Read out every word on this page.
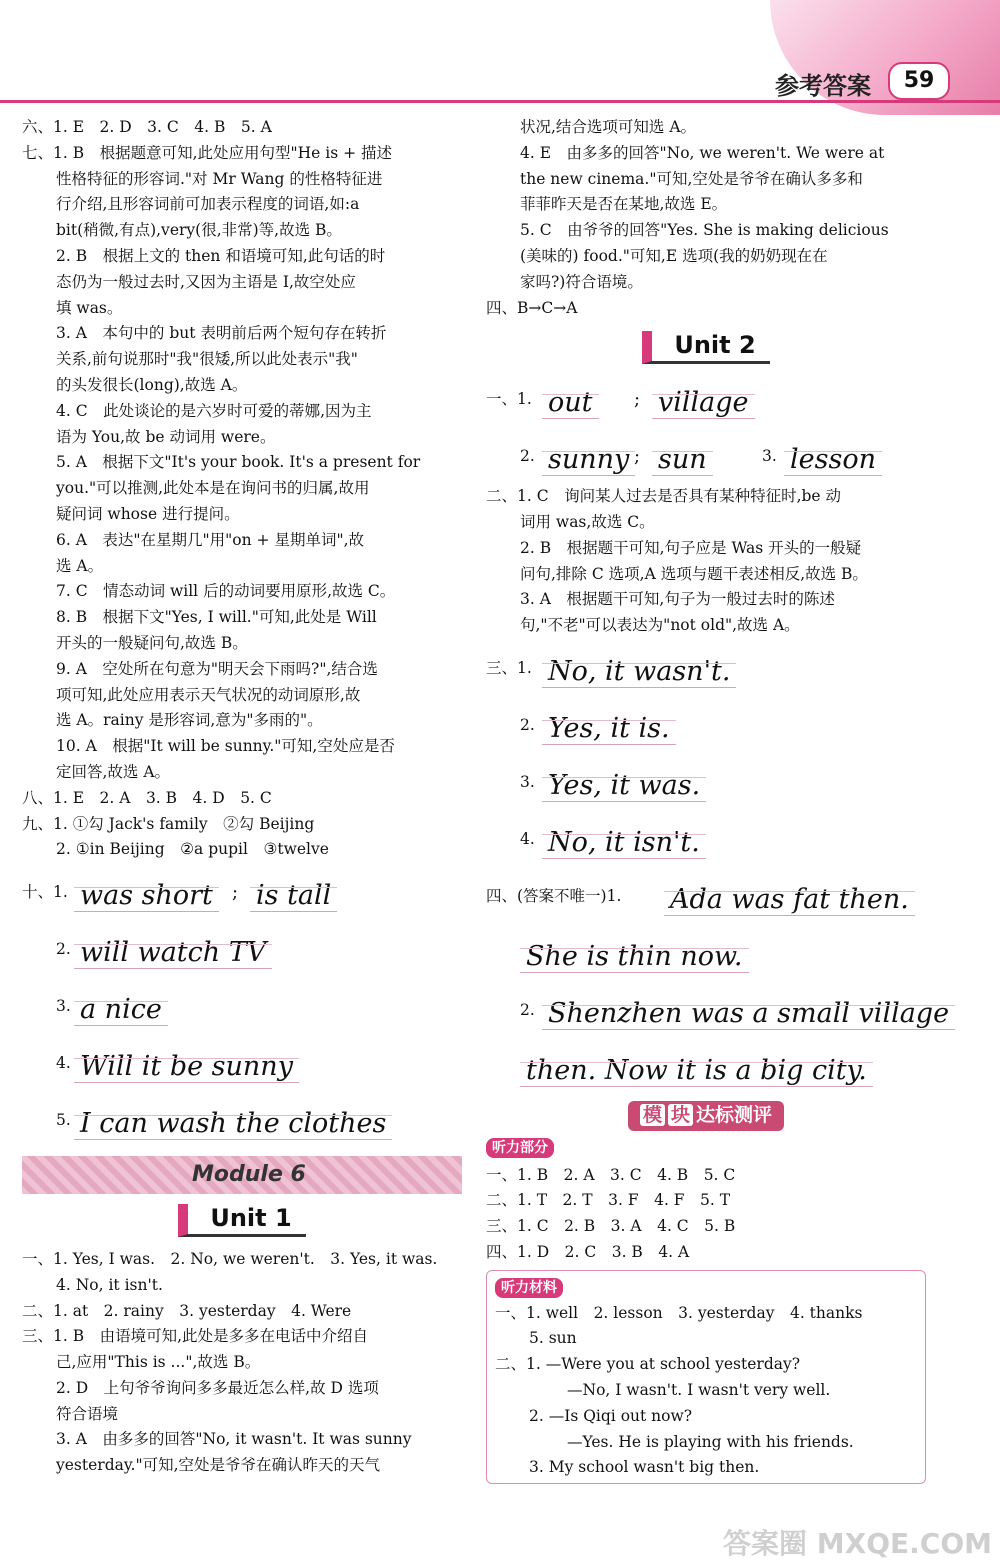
参考答案	59
六、1. E　2. D　3. C　4. B　5. A
七、1. B　根据题意可知,此处应用句型"He is + 描述
性格特征的形容词."对 Mr Wang 的性格特征进
行介绍,且形容词前可加表示程度的词语,如:a
bit(稍微,有点),very(很,非常)等,故选 B。
2. B　根据上文的 then 和语境可知,此句话的时
态仍为一般过去时,又因为主语是 I,故空处应
填 was。
3. A　本句中的 but 表明前后两个短句存在转折
关系,前句说那时"我"很矮,所以此处表示"我"
的头发很长(long),故选 A。
4. C　此处谈论的是六岁时可爱的蒂娜,因为主
语为 You,故 be 动词用 were。
5. A　根据下文"It's your book. It's a present for
you."可以推测,此处本是在询问书的归属,故用
疑问词 whose 进行提问。
6. A　表达"在星期几"用"on + 星期单词",故
选 A。
7. C　情态动词 will 后的动词要用原形,故选 C。
8. B　根据下文"Yes, I will."可知,此处是 Will
开头的一般疑问句,故选 B。
9. A　空处所在句意为"明天会下雨吗?",结合选
项可知,此处应用表示天气状况的动词原形,故
选 A。rainy 是形容词,意为"多雨的"。
10. A　根据"It will be sunny."可知,空处应是否
定回答,故选 A。
八、1. E　2. A　3. B　4. D　5. C
九、1. ①勾 Jack's family　②勾 Beijing
2. ①in Beijing　②a pupil　③twelve
十、1. was short	; is tall
2. will watch TV
3. a nice
4. Will it be sunny
5. I can wash the clothes
Module 6
Unit 1
一、1. Yes, I was.　2. No, we weren't.　3. Yes, it was.
4. No, it isn't.
二、1. at　2. rainy　3. yesterday　4. Were
三、1. B　由语境可知,此处是多多在电话中介绍自
己,应用"This is ...",故选 B。
2. D　上句爷爷询问多多最近怎么样,故 D 选项
符合语境
3. A　由多多的回答"No, it wasn't. It was sunny
yesterday."可知,空处是爷爷在确认昨天的天气
状况,结合选项可知选 A。
4. E　由多多的回答"No, we weren't. We were at
the new cinema."可知,空处是爷爷在确认多多和
菲菲昨天是否在某地,故选 E。
5. C　由爷爷的回答"Yes. She is making delicious
(美味的) food."可知,E 选项(我的奶奶现在在
家吗?)符合语境。
四、B→C→A
Unit 2
一、1. out	; village
2. sunny ; sun	3. lesson
二、1. C　询问某人过去是否具有某种特征时,be 动
词用 was,故选 C。
2. B　根据题干可知,句子应是 Was 开头的一般疑
问句,排除 C 选项,A 选项与题干表述相反,故选 B。
3. A　根据题干可知,句子为一般过去时的陈述
句,"不老"可以表达为"not old",故选 A。
三、1. No, it wasn't.
2. Yes, it is.
3. Yes, it was.
4. No, it isn't.
四、(答案不唯一)1. Ada was fat then.
She is thin now.
2. Shenzhen was a small village
then. Now it is a big city.
模 块 达标测评
听力部分
一、1. B　2. A　3. C　4. B　5. C
二、1. T　2. T　3. F　4. F　5. T
三、1. C　2. B　3. A　4. C　5. B
四、1. D　2. C　3. B　4. A
听力材料
一、1. well　2. lesson　3. yesterday　4. thanks
5. sun
二、1. —Were you at school yesterday?
—No, I wasn't. I wasn't very well.
2. —Is Qiqi out now?
—Yes. He is playing with his friends.
3. My school wasn't big then.
答案圈 MXQE.COM
